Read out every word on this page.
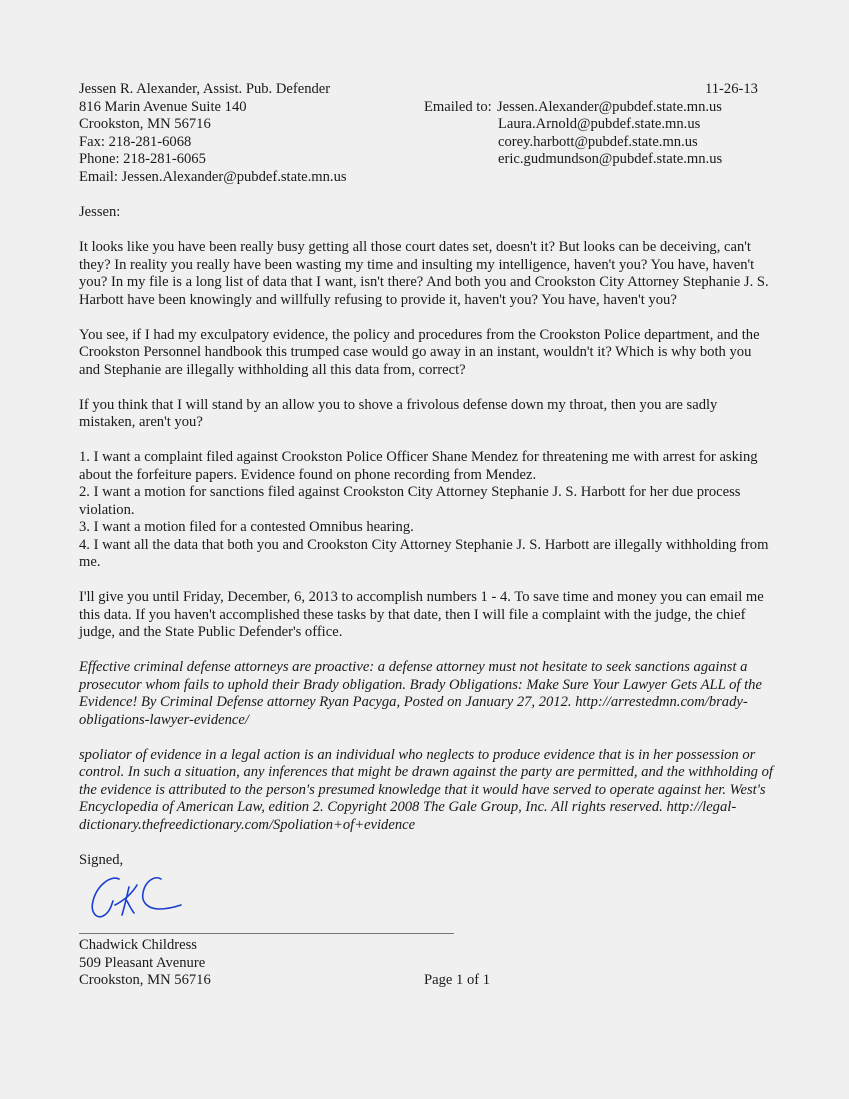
Jessen R. Alexander, Assist. Pub. Defender
816 Marin Avenue Suite 140
Crookston, MN 56716
Fax: 218-281-6068
Phone: 218-281-6065
Email: Jessen.Alexander@pubdef.state.mn.us
11-26-13
Emailed to: Jessen.Alexander@pubdef.state.mn.us
Laura.Arnold@pubdef.state.mn.us
corey.harbott@pubdef.state.mn.us
eric.gudmundson@pubdef.state.mn.us
Jessen:

It looks like you have been really busy getting all those court dates set, doesn't it? But looks can be deceiving, can't they? In reality you really have been wasting my time and insulting my intelligence, haven't you? You have, haven't you? In my file is a long list of data that I want, isn't there? And both you and Crookston City Attorney Stephanie J. S. Harbott have been knowingly and willfully refusing to provide it, haven't you? You have, haven't you?

You see, if I had my exculpatory evidence, the policy and procedures from the Crookston Police department, and the Crookston Personnel handbook this trumped case would go away in an instant, wouldn't it? Which is why both you and Stephanie are illegally withholding all this data from, correct?

If you think that I will stand by an allow you to shove a frivolous defense down my throat, then you are sadly mistaken, aren't you?

1. I want a complaint filed against Crookston Police Officer Shane Mendez for threatening me with arrest for asking about the forfeiture papers. Evidence found on phone recording from Mendez.
2. I want a motion for sanctions filed against Crookston City Attorney Stephanie J. S. Harbott for her due process violation.
3. I want a motion filed for a contested Omnibus hearing.
4. I want all the data that both you and Crookston City Attorney Stephanie J. S. Harbott are illegally withholding from me.

I'll give you until Friday, December, 6, 2013 to accomplish numbers 1 - 4. To save time and money you can email me this data. If you haven't accomplished these tasks by that date, then I will file a complaint with the judge, the chief judge, and the State Public Defender's office.

Effective criminal defense attorneys are proactive: a defense attorney must not hesitate to seek sanctions against a prosecutor whom fails to uphold their Brady obligation. Brady Obligations: Make Sure Your Lawyer Gets ALL of the Evidence! By Criminal Defense attorney Ryan Pacyga, Posted on January 27, 2012. http://arrestedmn.com/brady-obligations-lawyer-evidence/

spoliator of evidence in a legal action is an individual who neglects to produce evidence that is in her possession or control. In such a situation, any inferences that might be drawn against the party are permitted, and the withholding of the evidence is attributed to the person's presumed knowledge that it would have served to operate against her. West's Encyclopedia of American Law, edition 2. Copyright 2008 The Gale Group, Inc. All rights reserved. http://legal-dictionary.thefreedictionary.com/Spoliation+of+evidence

Signed,
Chadwick Childress
509 Pleasant Avenure
Crookston, MN 56716	Page 1 of 1
